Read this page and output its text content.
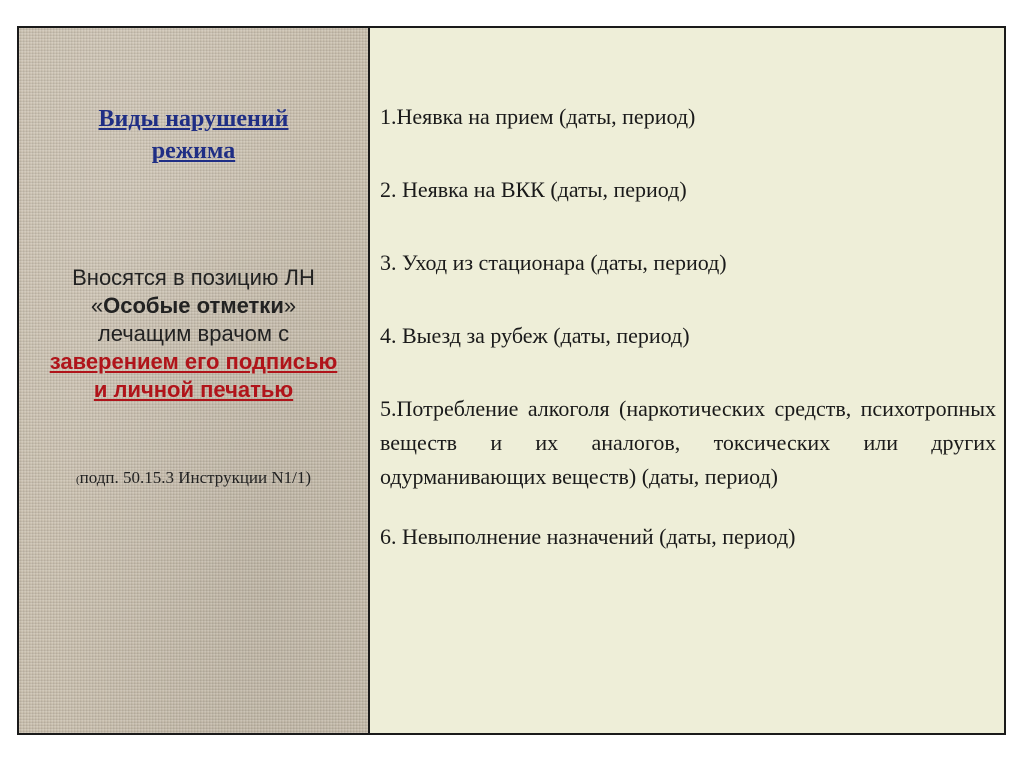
Виды нарушений
режима
Вносятся в позицию ЛН
«Особые отметки»
лечащим врачом с
заверением его подписью
и личной печатью
(подп. 50.15.3 Инструкции N1/1)
1.Неявка на прием (даты, период)
2. Неявка на ВКК (даты, период)
3. Уход из стационара (даты, период)
4. Выезд за рубеж (даты, период)
5.Потребление алкоголя (наркотических средств, психотропных веществ и их аналогов, токсических или других одурманивающих веществ) (даты, период)
6. Невыполнение назначений (даты, период)
